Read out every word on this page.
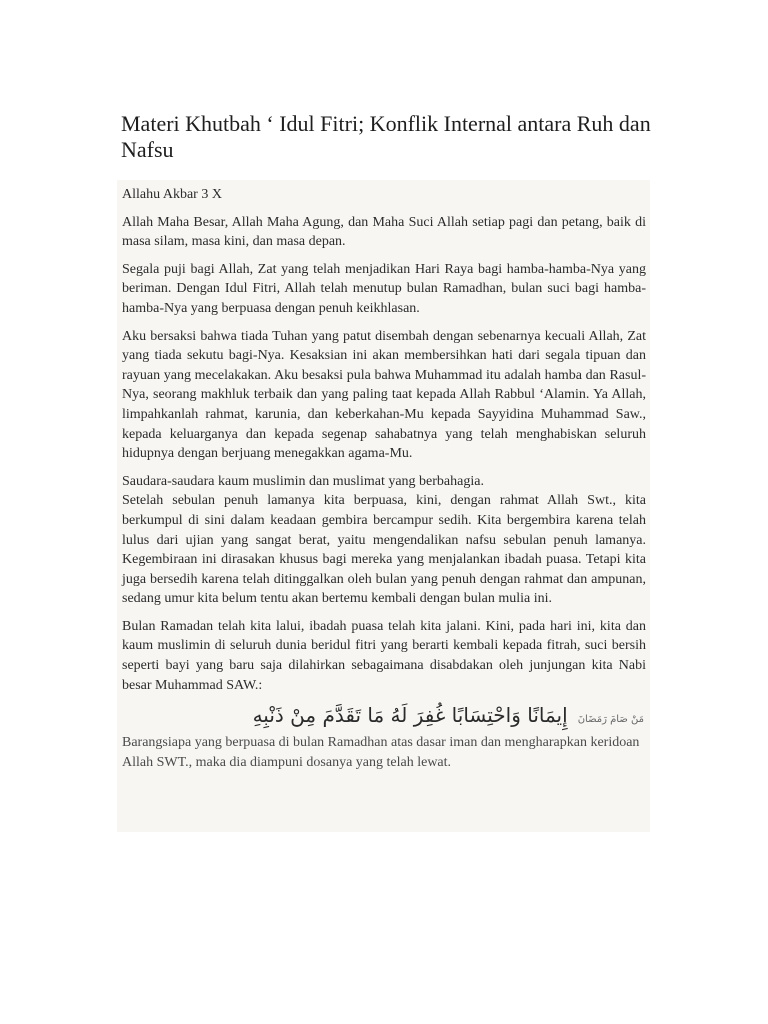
Materi Khutbah ‘ Idul Fitri; Konflik Internal antara Ruh dan Nafsu

Allahu Akbar 3 X

Allah Maha Besar, Allah Maha Agung, dan Maha Suci Allah setiap pagi dan petang, baik di masa silam, masa kini, dan masa depan.

Segala puji bagi Allah, Zat yang telah menjadikan Hari Raya bagi hamba-hamba-Nya yang beriman. Dengan Idul Fitri, Allah telah menutup bulan Ramadhan, bulan suci bagi hamba-hamba-Nya yang berpuasa dengan penuh keikhlasan.

Aku bersaksi bahwa tiada Tuhan yang patut disembah dengan sebenarnya kecuali Allah, Zat yang tiada sekutu bagi-Nya. Kesaksian ini akan membersihkan hati dari segala tipuan dan rayuan yang mecelakakan. Aku besaksi pula bahwa Muhammad itu adalah hamba dan Rasul-Nya, seorang makhluk terbaik dan yang paling taat kepada Allah Rabbul ‘Alamin. Ya Allah, limpahkanlah rahmat, karunia, dan keberkahan-Mu kepada Sayyidina Muhammad Saw., kepada keluarganya dan kepada segenap sahabatnya yang telah menghabiskan seluruh hidupnya dengan berjuang menegakkan agama-Mu.

Saudara-saudara kaum muslimin dan muslimat yang berbahagia.

Setelah sebulan penuh lamanya kita berpuasa, kini, dengan rahmat Allah Swt., kita berkumpul di sini dalam keadaan gembira bercampur sedih. Kita bergembira karena telah lulus dari ujian yang sangat berat, yaitu mengendalikan nafsu sebulan penuh lamanya. Kegembiraan ini dirasakan khusus bagi mereka yang menjalankan ibadah puasa. Tetapi kita juga bersedih karena telah ditinggalkan oleh bulan yang penuh dengan rahmat dan ampunan, sedang umur kita belum tentu akan bertemu kembali dengan bulan mulia ini.

Bulan Ramadan telah kita lalui, ibadah puasa telah kita jalani. Kini, pada hari ini, kita dan kaum muslimin di seluruh dunia beridul fitri yang berarti kembali kepada fitrah, suci bersih seperti bayi yang baru saja dilahirkan sebagaimana disabdakan oleh junjungan kita Nabi besar Muhammad SAW.:

إِيمَانًا وَاحْتِسَابًا غُفِرَ لَهُ مَا تَقَدَّمَ مِنْ ذَنْبِهِ مَنْ صَامَ رَمَضَانَ

Barangsiapa yang berpuasa di bulan Ramadhan atas dasar iman dan mengharapkan keridoan Allah SWT., maka dia diampuni dosanya yang telah lewat.
